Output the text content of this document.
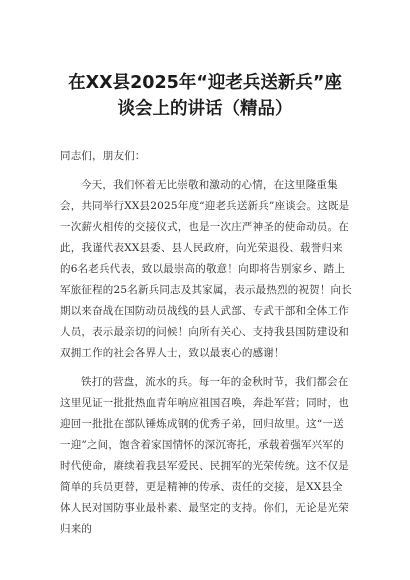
在XX县2025年“迎老兵送新兵”座
谈会上的讲话（精品）

同志们，朋友们：

今天，我们怀着无比崇敬和激动的心情，在这里隆重集会，共同举行XX县2025年度“迎老兵送新兵”座谈会。这既是一次薪火相传的交接仪式，也是一次庄严神圣的使命动员。在此，我谨代表XX县委、县人民政府，向光荣退役、载誉归来的6名老兵代表，致以最崇高的敬意！向即将告别家乡、踏上军旅征程的25名新兵同志及其家属，表示最热烈的祝贺！向长期以来奋战在国防动员战线的县人武部、专武干部和全体工作人员，表示最亲切的问候！向所有关心、支持我县国防建设和双拥工作的社会各界人士，致以最衷心的感谢！

铁打的营盘，流水的兵。每一年的金秋时节，我们都会在这里见证一批批热血青年响应祖国召唤，奔赴军营；同时，也迎回一批批在部队锤炼成钢的优秀子弟，回归故里。这“一送一迎”之间，饱含着家国情怀的深沉寄托，承载着强军兴军的时代使命，赓续着我县军爱民、民拥军的光荣传统。这不仅是简单的兵员更替，更是精神的传承、责任的交接，是XX县全体人民对国防事业最朴素、最坚定的支持。你们，无论是光荣归来的
